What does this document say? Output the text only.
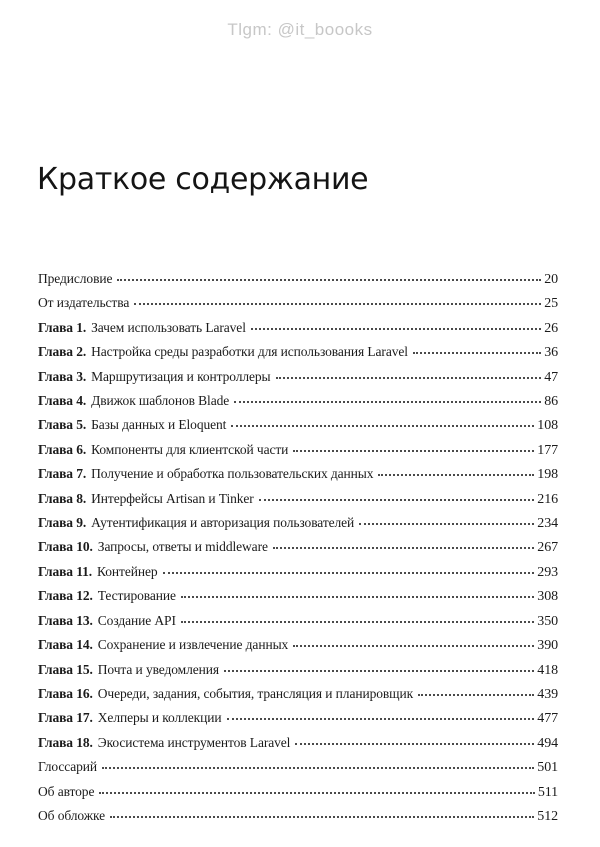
Tlgm: @it_boooks
Краткое содержание
Предисловие	20
От издательства	25
Глава 1. Зачем использовать Laravel	26
Глава 2. Настройка среды разработки для использования Laravel	36
Глава 3. Маршрутизация и контроллеры	47
Глава 4. Движок шаблонов Blade	86
Глава 5. Базы данных и Eloquent	108
Глава 6. Компоненты для клиентской части	177
Глава 7. Получение и обработка пользовательских данных	198
Глава 8. Интерфейсы Artisan и Tinker	216
Глава 9. Аутентификация и авторизация пользователей	234
Глава 10. Запросы, ответы и middleware	267
Глава 11. Контейнер	293
Глава 12. Тестирование	308
Глава 13. Создание API	350
Глава 14. Сохранение и извлечение данных	390
Глава 15. Почта и уведомления	418
Глава 16. Очереди, задания, события, трансляция и планировщик	439
Глава 17. Хелперы и коллекции	477
Глава 18. Экосистема инструментов Laravel	494
Глоссарий	501
Об авторе	511
Об обложке	512
